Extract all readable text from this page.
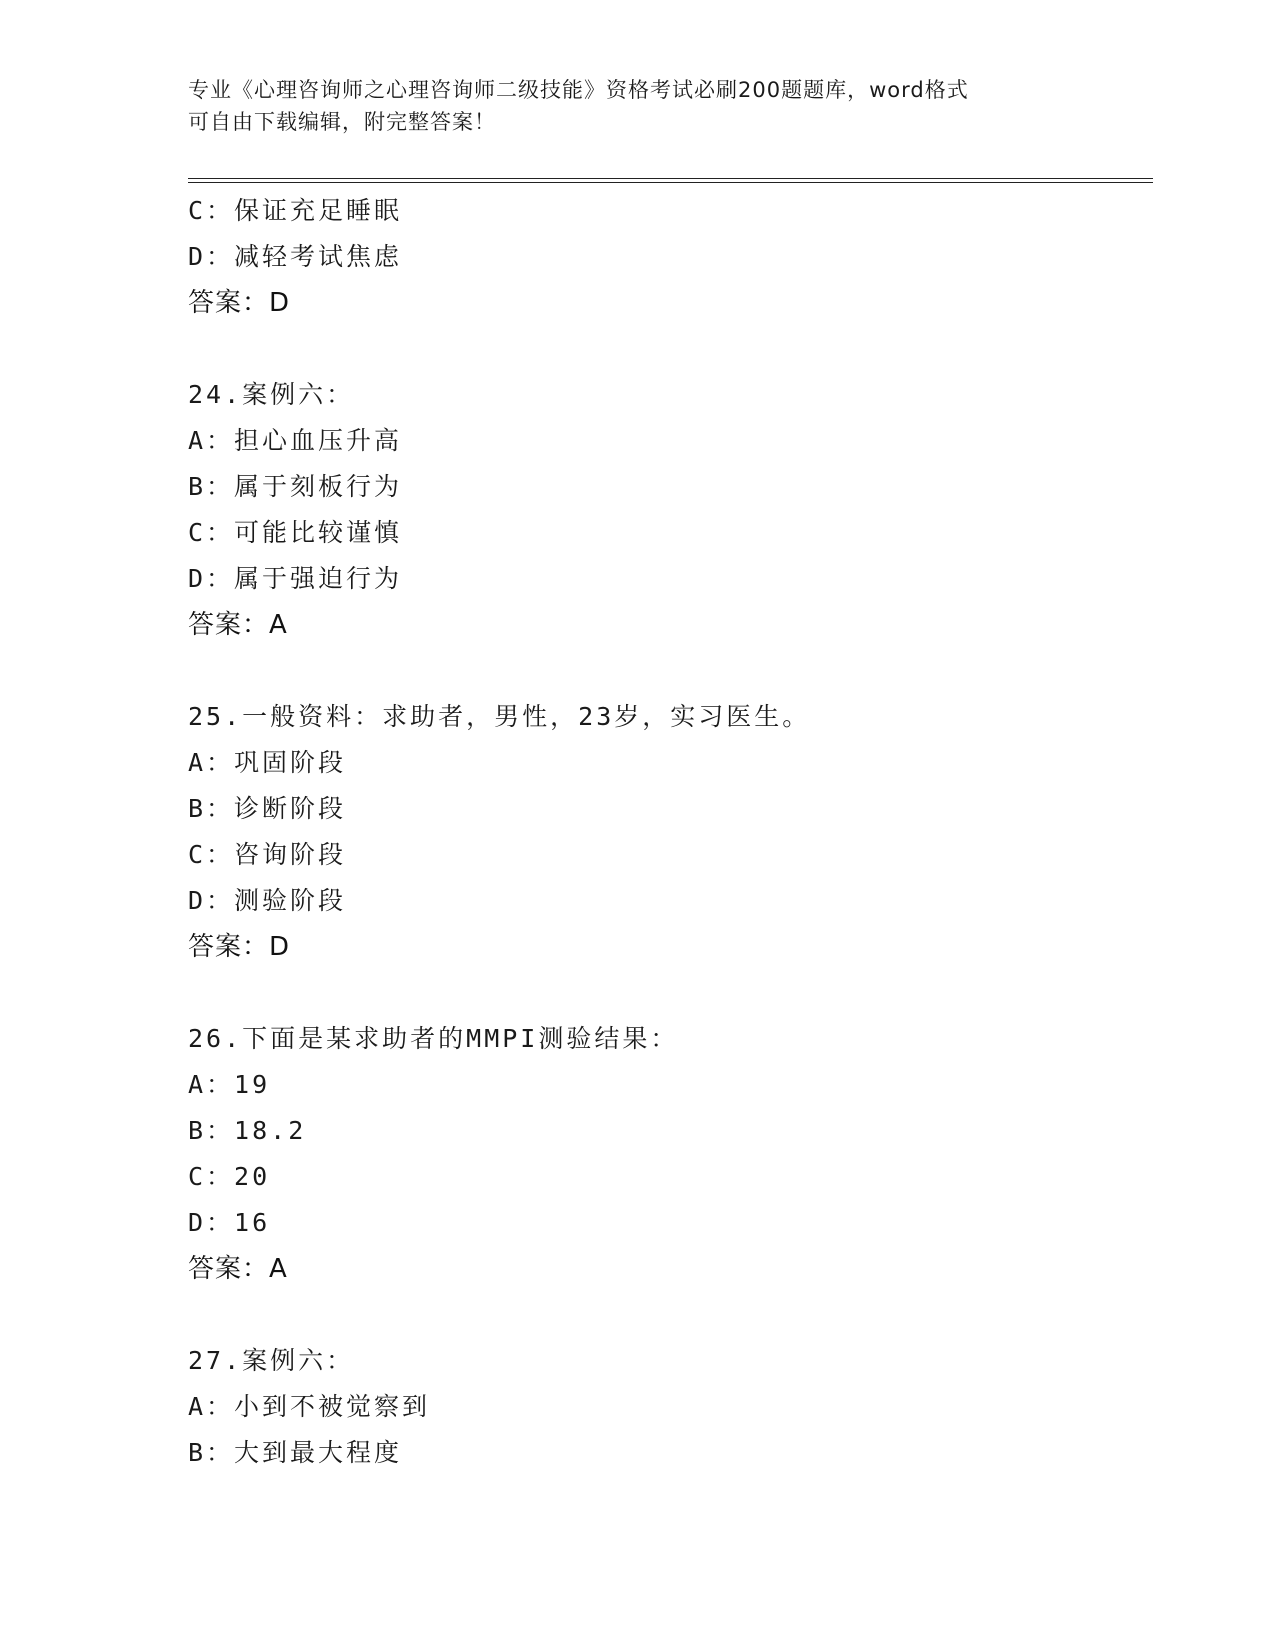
专业《心理咨询师之心理咨询师二级技能》资格考试必刷200题题库，word格式
可自由下载编辑，附完整答案！
C：保证充足睡眠
D：减轻考试焦虑
答案：D
24.案例六：
A：担心血压升高
B：属于刻板行为
C：可能比较谨慎
D：属于强迫行为
答案：A
25.一般资料：求助者，男性，23岁，实习医生。
A：巩固阶段
B：诊断阶段
C：咨询阶段
D：测验阶段
答案：D
26.下面是某求助者的MMPI测验结果：
A：19
B：18.2
C：20
D：16
答案：A
27.案例六：
A：小到不被觉察到
B：大到最大程度
